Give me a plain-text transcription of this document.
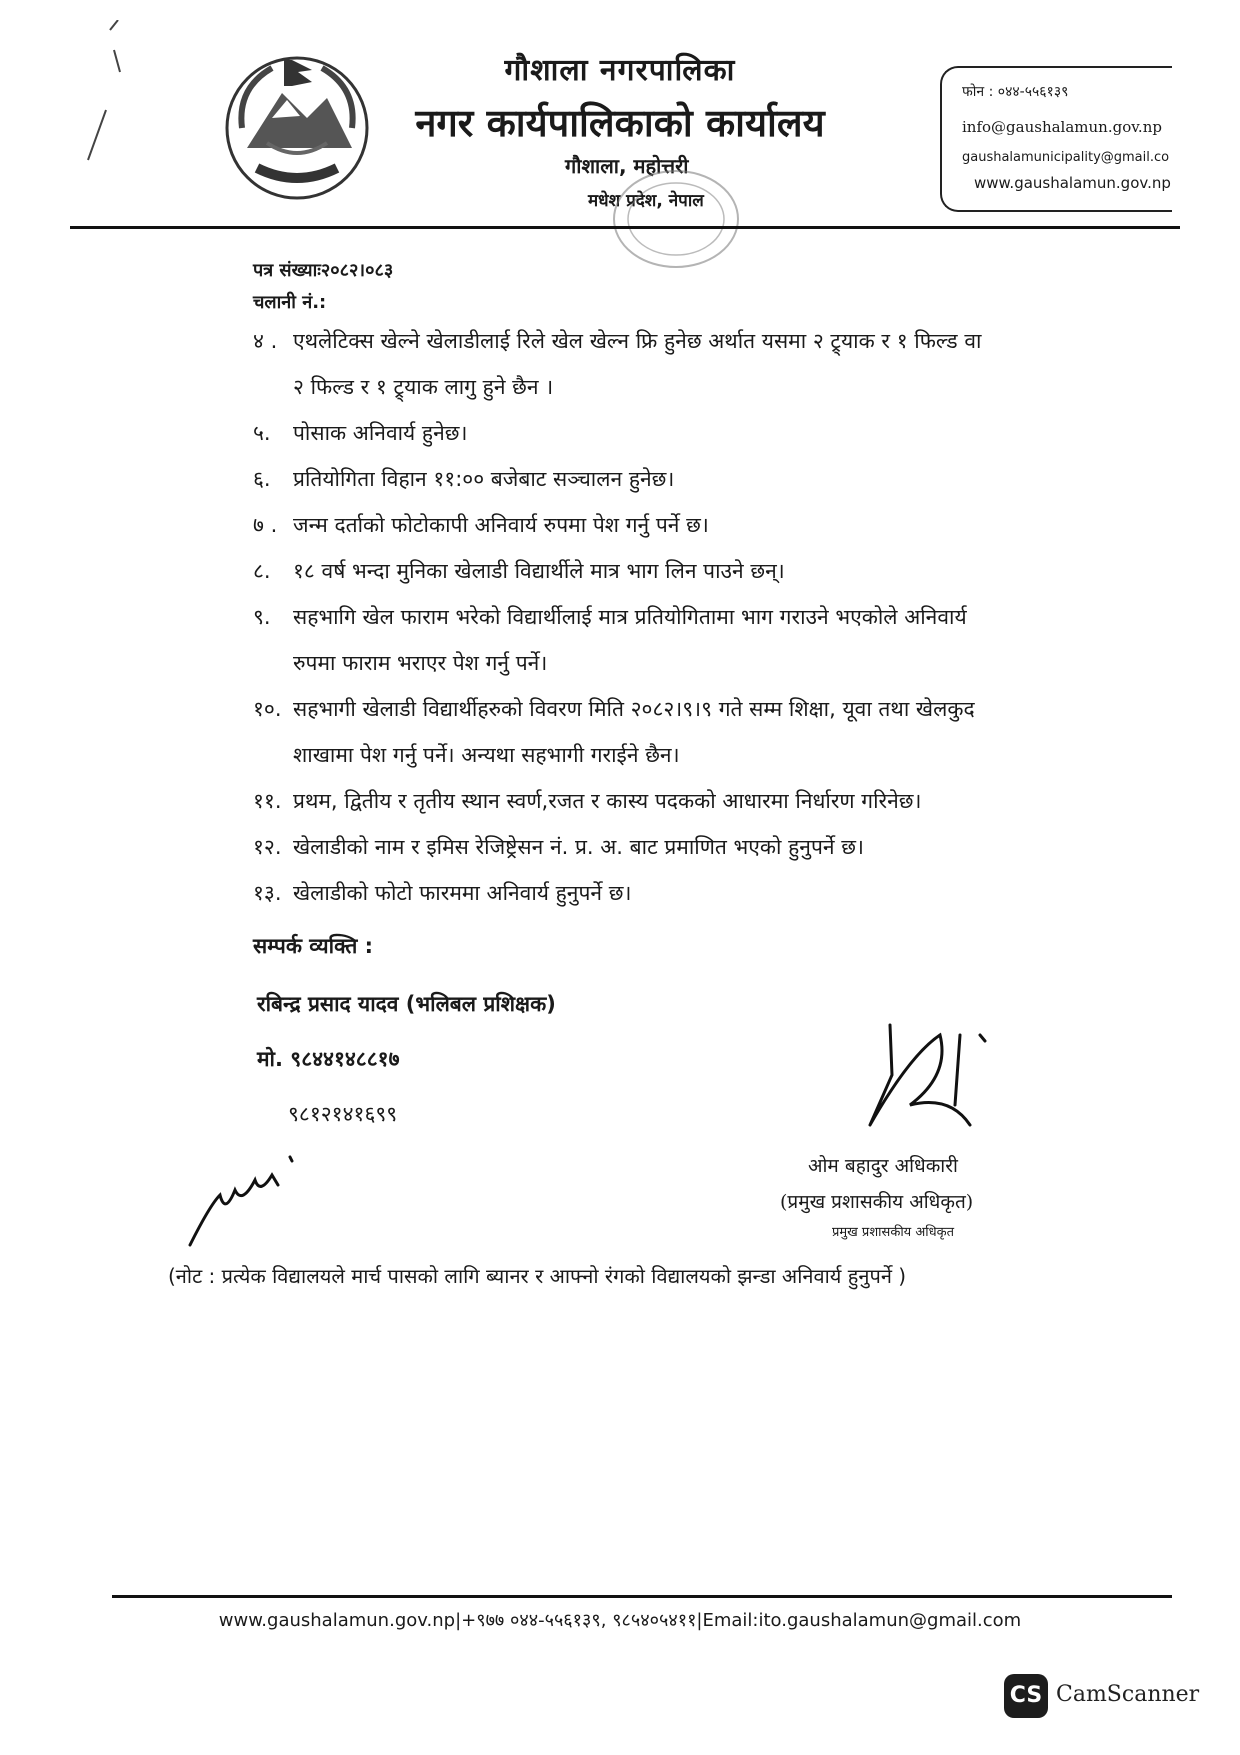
गौशाला नगरपालिका
नगर कार्यपालिकाको कार्यालय
गौशाला, महोत्तरी
मधेश प्रदेश, नेपाल
फोन : ०४४-५५६१३९
info@gaushalamun.gov.np
gaushalamunicipality@gmail.co
www.gaushalamun.gov.np
पत्र संख्याः२०८२।०८३
चलानी नं.:
४ . एथलेटिक्स खेल्ने खेलाडीलाई रिले खेल खेल्न फ्रि हुनेछ अर्थात यसमा २ ट्र्याक र १ फिल्ड वा
२ फिल्ड र १ ट्र्याक लागु हुने छैन ।
५. पोसाक अनिवार्य हुनेछ।
६. प्रतियोगिता विहान ११:०० बजेबाट सञ्चालन हुनेछ।
७ . जन्म दर्ताको फोटोकापी अनिवार्य रुपमा पेश गर्नु पर्ने छ।
८. १८ वर्ष भन्दा मुनिका खेलाडी विद्यार्थीले मात्र भाग लिन पाउने छन्।
९. सहभागि खेल फाराम भरेको विद्यार्थीलाई मात्र प्रतियोगितामा भाग गराउने भएकोले अनिवार्य
रुपमा फाराम भराएर पेश गर्नु पर्ने।
१०. सहभागी खेलाडी विद्यार्थीहरुको विवरण मिति २०८२।९।९ गते सम्म शिक्षा, यूवा तथा खेलकुद
शाखामा पेश गर्नु पर्ने। अन्यथा सहभागी गराईने छैन।
११. प्रथम, द्वितीय र तृतीय स्थान स्वर्ण,रजत र कास्य पदकको आधारमा निर्धारण गरिनेछ।
१२. खेलाडीको नाम र इमिस रेजिष्ट्रेसन नं. प्र. अ. बाट प्रमाणित भएको हुनुपर्ने छ।
१३. खेलाडीको फोटो फारममा अनिवार्य हुनुपर्ने छ।
सम्पर्क व्यक्ति :
रबिन्द्र प्रसाद यादव (भलिबल प्रशिक्षक)
मो. ९८४४१४८८१७
९८१२१४१६९९
ओम बहादुर अधिकारी
(प्रमुख प्रशासकीय अधिकृत)
प्रमुख प्रशासकीय अधिकृत
(नोट : प्रत्येक विद्यालयले मार्च पासको लागि ब्यानर र आफ्नो रंगको विद्यालयको झन्डा अनिवार्य हुनुपर्ने )
www.gaushalamun.gov.np|+९७७ ०४४-५५६१३९, ९८५४०५४११|Email:ito.gaushalamun@gmail.com
CS CamScanner
